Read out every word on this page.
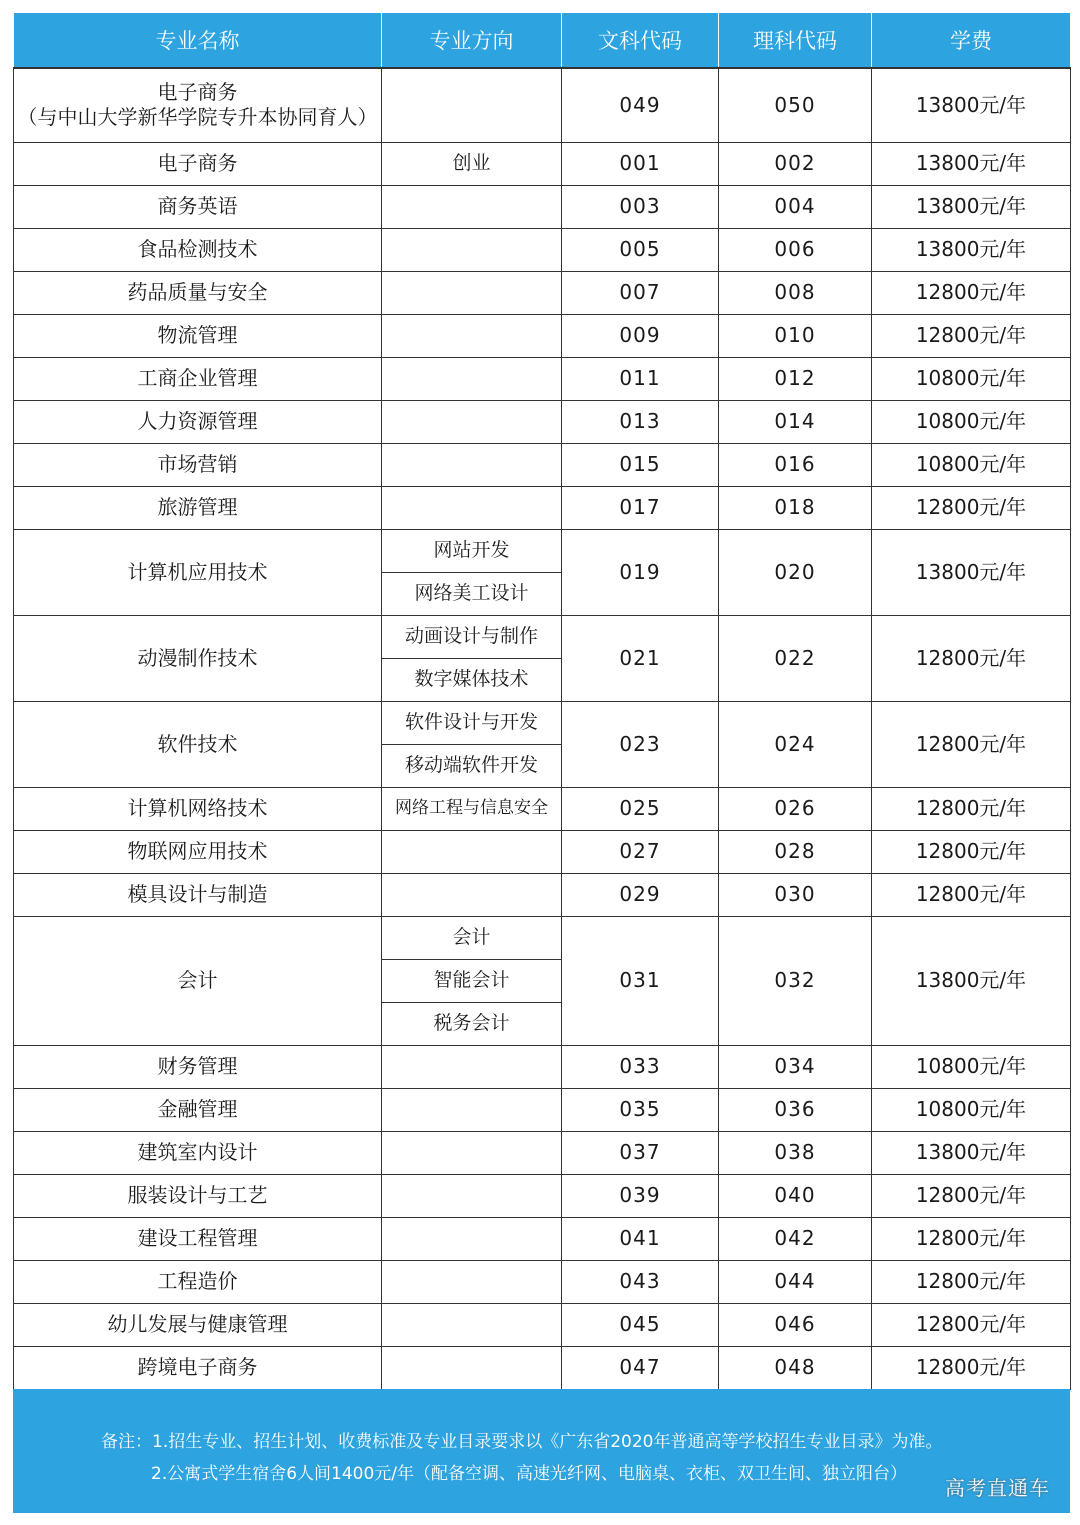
专业名称	专业方向	文科代码	理科代码	学费

电子商务
（与中山大学新华学院专升本协同育人）		049	050	13800元/年
电子商务	创业	001	002	13800元/年
商务英语		003	004	13800元/年
食品检测技术		005	006	13800元/年
药品质量与安全		007	008	12800元/年
物流管理		009	010	12800元/年
工商企业管理		011	012	10800元/年
人力资源管理		013	014	10800元/年
市场营销		015	016	10800元/年
旅游管理		017	018	12800元/年
计算机应用技术	网站开发	019	020	13800元/年
	网络美工设计			
动漫制作技术	动画设计与制作	021	022	12800元/年
	数字媒体技术			
软件技术	软件设计与开发	023	024	12800元/年
	移动端软件开发			
计算机网络技术	网络工程与信息安全	025	026	12800元/年
物联网应用技术		027	028	12800元/年
模具设计与制造		029	030	12800元/年
会计	会计	031	032	13800元/年
	智能会计			
	税务会计			
财务管理		033	034	10800元/年
金融管理		035	036	10800元/年
建筑室内设计		037	038	13800元/年
服装设计与工艺		039	040	12800元/年
建设工程管理		041	042	12800元/年
工程造价		043	044	12800元/年
幼儿发展与健康管理		045	046	12800元/年
跨境电子商务		047	048	12800元/年
备注：1.招生专业、招生计划、收费标准及专业目录要求以《广东省2020年普通高等学校招生专业目录》为准。
2.公寓式学生宿舍6人间1400元/年（配备空调、高速光纤网、电脑桌、衣柜、双卫生间、独立阳台）
高考直通车
